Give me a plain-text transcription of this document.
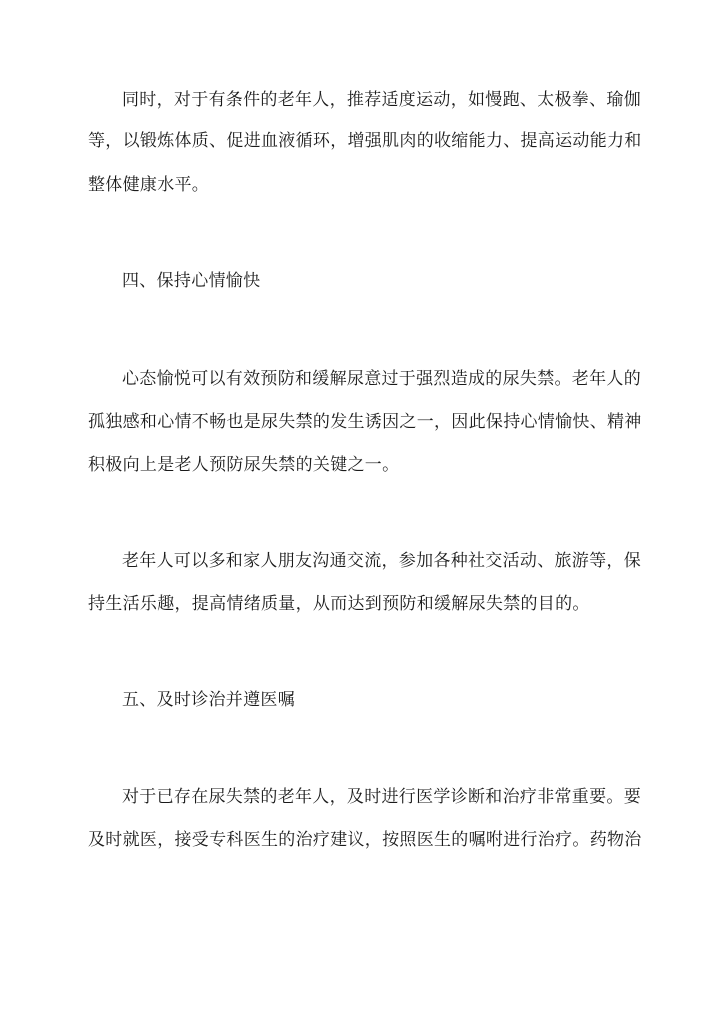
同时，对于有条件的老年人，推荐适度运动，如慢跑、太极拳、瑜伽
等，以锻炼体质、促进血液循环，增强肌肉的收缩能力、提高运动能力和
整体健康水平。
四、保持心情愉快
心态愉悦可以有效预防和缓解尿意过于强烈造成的尿失禁。老年人的
孤独感和心情不畅也是尿失禁的发生诱因之一，因此保持心情愉快、精神
积极向上是老人预防尿失禁的关键之一。
老年人可以多和家人朋友沟通交流，参加各种社交活动、旅游等，保
持生活乐趣，提高情绪质量，从而达到预防和缓解尿失禁的目的。
五、及时诊治并遵医嘱
对于已存在尿失禁的老年人，及时进行医学诊断和治疗非常重要。要
及时就医，接受专科医生的治疗建议，按照医生的嘱咐进行治疗。药物治
